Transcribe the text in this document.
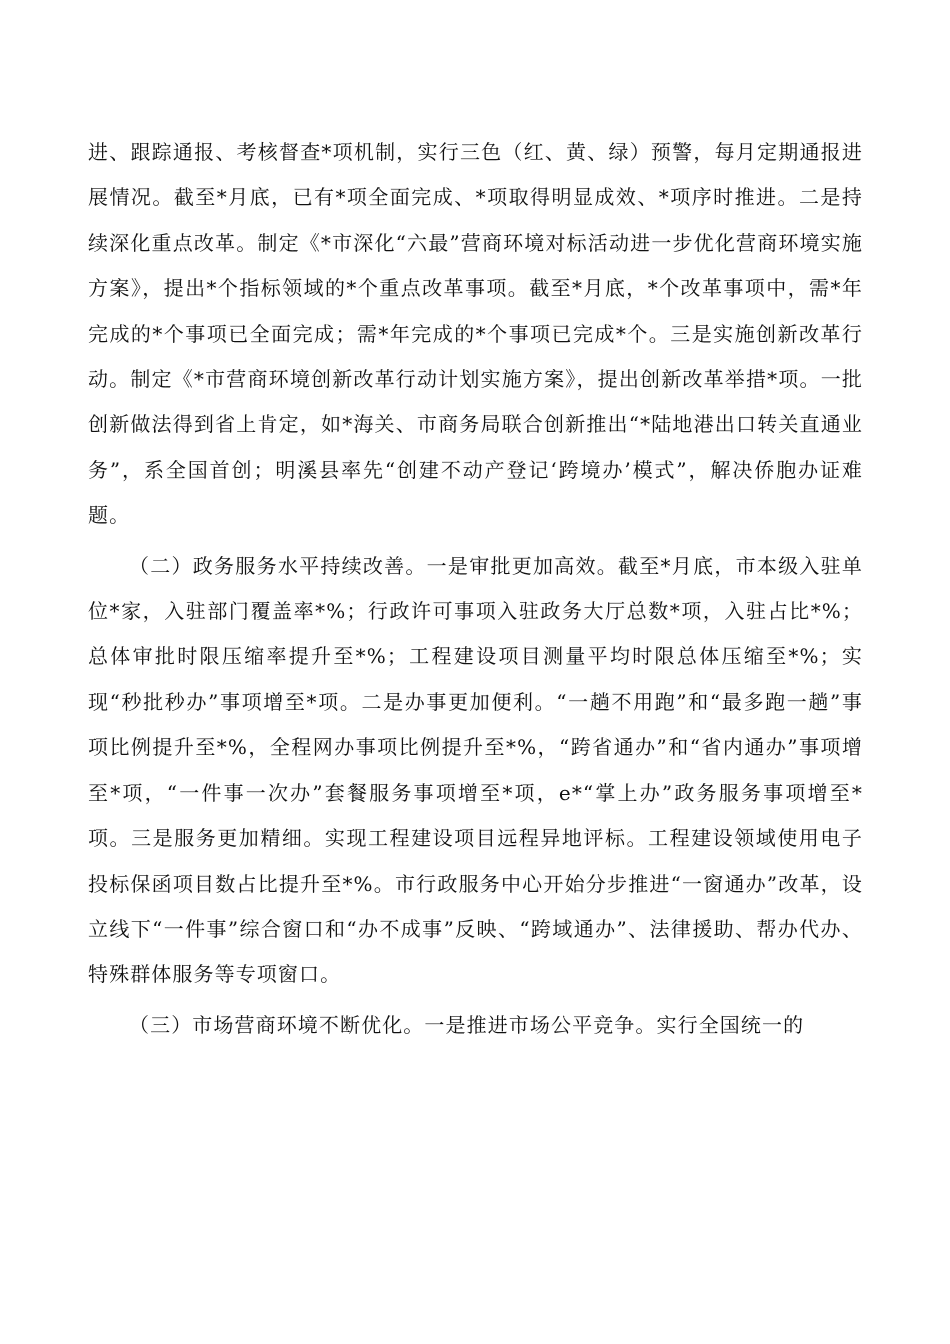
进、跟踪通报、考核督查*项机制，实行三色（红、黄、绿）预警，每月定期通报进展情况。截至*月底，已有*项全面完成、*项取得明显成效、*项序时推进。二是持续深化重点改革。制定《*市深化“六最”营商环境对标活动进一步优化营商环境实施方案》，提出*个指标领域的*个重点改革事项。截至*月底，*个改革事项中，需*年完成的*个事项已全面完成；需*年完成的*个事项已完成*个。三是实施创新改革行动。制定《*市营商环境创新改革行动计划实施方案》，提出创新改革举措*项。一批创新做法得到省上肯定，如*海关、市商务局联合创新推出“*陆地港出口转关直通业务”，系全国首创；明溪县率先“创建不动产登记‘跨境办’模式”，解决侨胞办证难题。

（二）政务服务水平持续改善。一是审批更加高效。截至*月底，市本级入驻单位*家，入驻部门覆盖率*%；行政许可事项入驻政务大厅总数*项，入驻占比*%；总体审批时限压缩率提升至*%；工程建设项目测量平均时限总体压缩至*%；实现“秒批秒办”事项增至*项。二是办事更加便利。“一趟不用跑”和“最多跑一趟”事项比例提升至*%，全程网办事项比例提升至*%，“跨省通办”和“省内通办”事项增至*项，“一件事一次办”套餐服务事项增至*项，e*“掌上办”政务服务事项增至*项。三是服务更加精细。实现工程建设项目远程异地评标。工程建设领域使用电子投标保函项目数占比提升至*%。市行政服务中心开始分步推进“一窗通办”改革，设立线下“一件事”综合窗口和“办不成事”反映、“跨域通办”、法律援助、帮办代办、特殊群体服务等专项窗口。

（三）市场营商环境不断优化。一是推进市场公平竞争。实行全国统一的
